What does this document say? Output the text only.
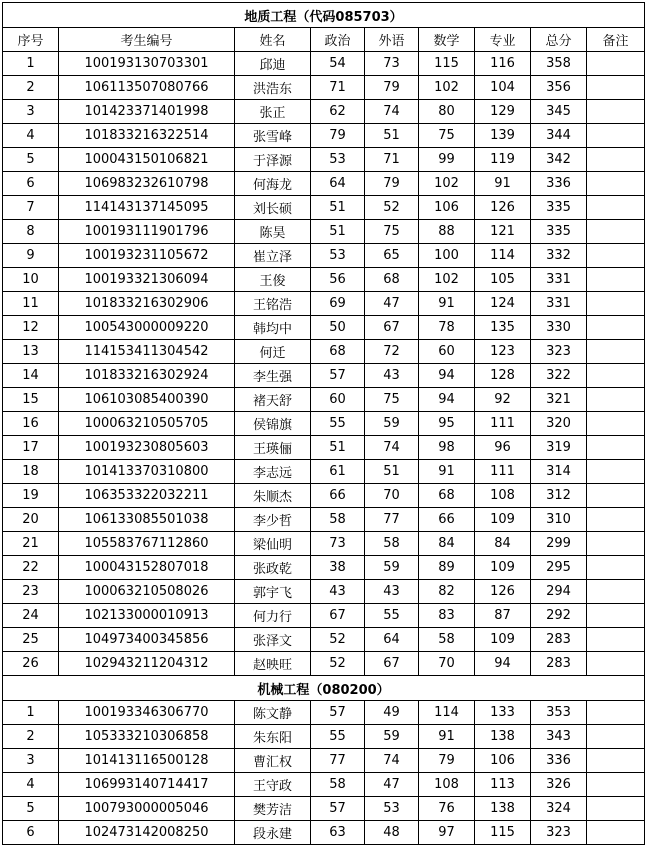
地质工程（代码085703）								
序号	考生编号	姓名	政治	外语	数学	专业	总分	备注
1	100193130703301	邱迪	54	73	115	116	358	
2	106113507080766	洪浩东	71	79	102	104	356	
3	101423371401998	张正	62	74	80	129	345	
4	101833216322514	张雪峰	79	51	75	139	344	
5	100043150106821	于泽源	53	71	99	119	342	
6	106983232610798	何海龙	64	79	102	91	336	
7	114143137145095	刘长硕	51	52	106	126	335	
8	100193111901796	陈昊	51	75	88	121	335	
9	100193231105672	崔立泽	53	65	100	114	332	
10	100193321306094	王俊	56	68	102	105	331	
11	101833216302906	王铭浩	69	47	91	124	331	
12	100543000009220	韩均中	50	67	78	135	330	
13	114153411304542	何迁	68	72	60	123	323	
14	101833216302924	李生强	57	43	94	128	322	
15	106103085400390	褚天舒	60	75	94	92	321	
16	100063210505705	侯锦旗	55	59	95	111	320	
17	100193230805603	王瑛俪	51	74	98	96	319	
18	101413370310800	李志远	61	51	91	111	314	
19	106353322032211	朱顺杰	66	70	68	108	312	
20	106133085501038	李少哲	58	77	66	109	310	
21	105583767112860	梁仙明	73	58	84	84	299	
22	100043152807018	张政乾	38	59	89	109	295	
23	100063210508026	郭宇飞	43	43	82	126	294	
24	102133000010913	何力行	67	55	83	87	292	
25	104973400345856	张泽文	52	64	58	109	283	
26	102943211204312	赵映旺	52	67	70	94	283	
机械工程（080200）								
1	100193346306770	陈文静	57	49	114	133	353	
2	105333210306858	朱东阳	55	59	91	138	343	
3	101413116500128	曹汇权	77	74	79	106	336	
4	106993140714417	王守政	58	47	108	113	326	
5	100793000005046	樊芳洁	57	53	76	138	324	
6	102473142008250	段永建	63	48	97	115	323	
